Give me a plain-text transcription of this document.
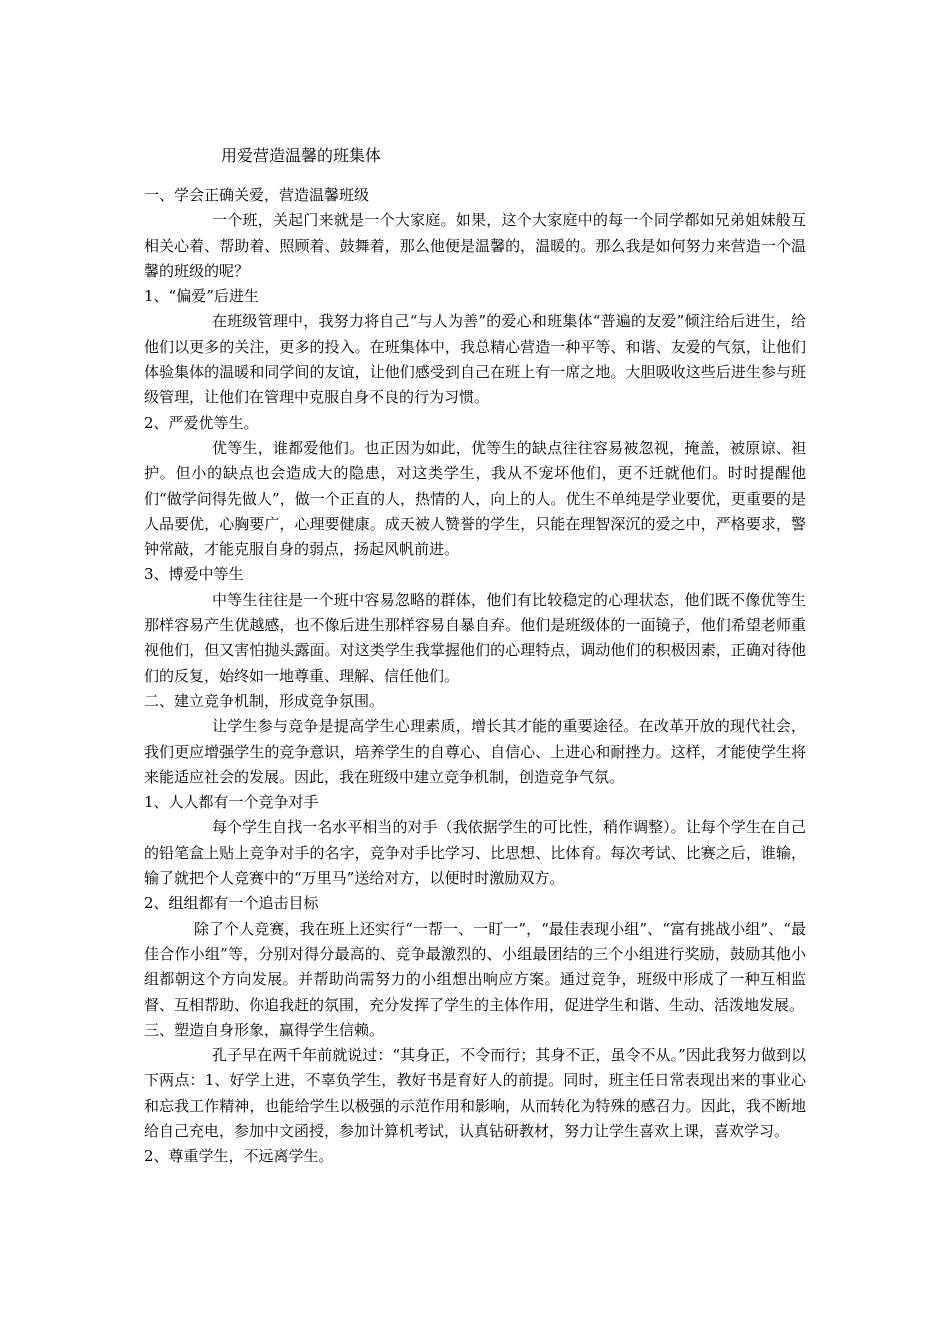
用爱营造温馨的班集体

一、学会正确关爱，营造温馨班级

一个班，关起门来就是一个大家庭。如果，这个大家庭中的每一个同学都如兄弟姐妹般互相关心着、帮助着、照顾着、鼓舞着，那么他便是温馨的，温暖的。那么我是如何努力来营造一个温馨的班级的呢？

1、“偏爱”后进生

在班级管理中，我努力将自己“与人为善”的爱心和班集体“普遍的友爱”倾注给后进生，给他们以更多的关注，更多的投入。在班集体中，我总精心营造一种平等、和谐、友爱的气氛，让他们体验集体的温暖和同学间的友谊，让他们感受到自己在班上有一席之地。大胆吸收这些后进生参与班级管理，让他们在管理中克服自身不良的行为习惯。

2、严爱优等生。

优等生，谁都爱他们。也正因为如此，优等生的缺点往往容易被忽视，掩盖，被原谅、袒护。但小的缺点也会造成大的隐患，对这类学生，我从不宠坏他们，更不迁就他们。时时提醒他们“做学问得先做人”，做一个正直的人，热情的人，向上的人。优生不单纯是学业要优，更重要的是人品要优，心胸要广，心理要健康。成天被人赞誉的学生，只能在理智深沉的爱之中，严格要求，警钟常敲，才能克服自身的弱点，扬起风帆前进。

3、博爱中等生

中等生往往是一个班中容易忽略的群体，他们有比较稳定的心理状态，他们既不像优等生那样容易产生优越感，也不像后进生那样容易自暴自弃。他们是班级体的一面镜子，他们希望老师重视他们，但又害怕抛头露面。对这类学生我掌握他们的心理特点，调动他们的积极因素，正确对待他们的反复，始终如一地尊重、理解、信任他们。

二、建立竞争机制，形成竞争氛围。

让学生参与竞争是提高学生心理素质，增长其才能的重要途径。在改革开放的现代社会，我们更应增强学生的竞争意识，培养学生的自尊心、自信心、上进心和耐挫力。这样，才能使学生将来能适应社会的发展。因此，我在班级中建立竞争机制，创造竞争气氛。

1、人人都有一个竞争对手

每个学生自找一名水平相当的对手（我依据学生的可比性，稍作调整）。让每个学生在自己的铅笔盒上贴上竞争对手的名字，竞争对手比学习、比思想、比体育。每次考试、比赛之后，谁输，输了就把个人竞赛中的“万里马”送给对方，以便时时激励双方。

2、组组都有一个追击目标

除了个人竞赛，我在班上还实行“一帮一、一盯一”，“最佳表现小组”、“富有挑战小组”、“最佳合作小组”等，分别对得分最高的、竞争最激烈的、小组最团结的三个小组进行奖励，鼓励其他小组都朝这个方向发展。并帮助尚需努力的小组想出响应方案。通过竞争，班级中形成了一种互相监督、互相帮助、你追我赶的氛围，充分发挥了学生的主体作用，促进学生和谐、生动、活泼地发展。

三、塑造自身形象，赢得学生信赖。

孔子早在两千年前就说过：“其身正，不令而行；其身不正，虽令不从。”因此我努力做到以下两点：1、好学上进，不辜负学生，教好书是育好人的前提。同时，班主任日常表现出来的事业心和忘我工作精神，也能给学生以极强的示范作用和影响，从而转化为特殊的感召力。因此，我不断地给自己充电，参加中文函授，参加计算机考试，认真钻研教材，努力让学生喜欢上课，喜欢学习。

2、尊重学生，不远离学生。
